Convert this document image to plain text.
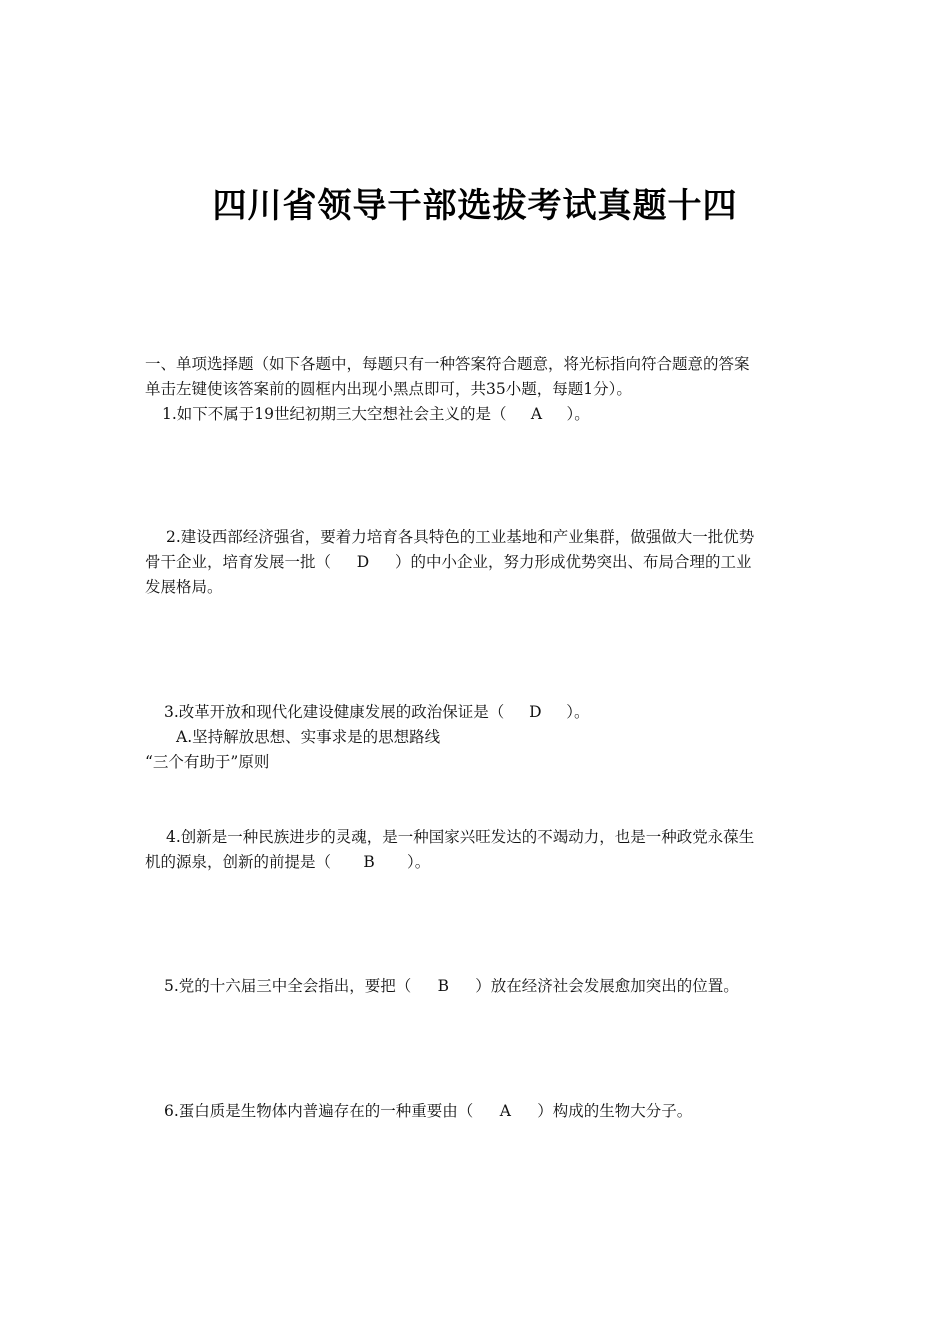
四川省领导干部选拔考试真题十四
一、单项选择题（如下各题中，每题只有一种答案符合题意，将光标指向符合题意的答案
单击左键使该答案前的圆框内出现小黑点即可，共35小题，每题1分）。
1.如下不属于19世纪初期三大空想社会主义的是（ A ）。
2.建设西部经济强省，要着力培育各具特色的工业基地和产业集群，做强做大一批优势
骨干企业，培育发展一批（ D ）的中小企业，努力形成优势突出、布局合理的工业
发展格局。
3.改革开放和现代化建设健康发展的政治保证是（ D ）。
A.坚持解放思想、实事求是的思想路线
“三个有助于”原则
4.创新是一种民族进步的灵魂，是一种国家兴旺发达的不竭动力，也是一种政党永葆生
机的源泉，创新的前提是（ B ）。
5.党的十六届三中全会指出，要把（ B ）放在经济社会发展愈加突出的位置。
6.蛋白质是生物体内普遍存在的一种重要由（ A ）构成的生物大分子。
